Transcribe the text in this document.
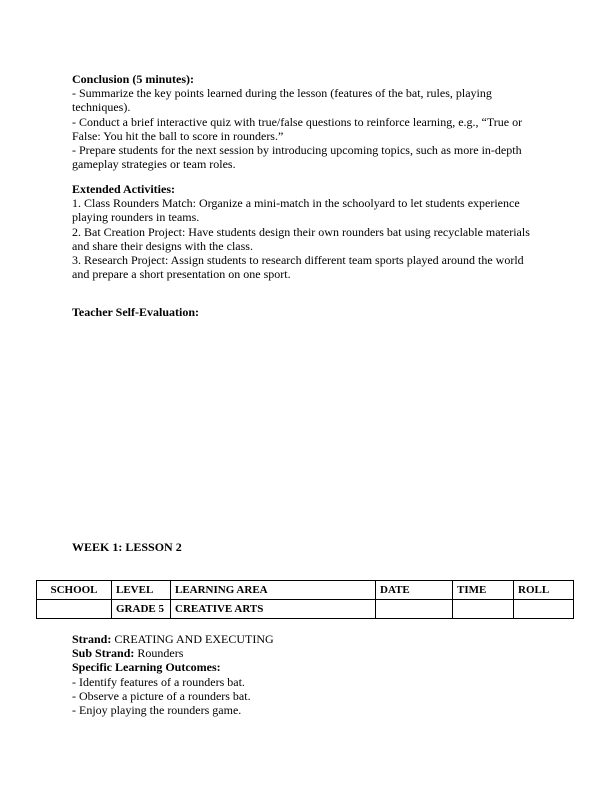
Conclusion (5 minutes):
- Summarize the key points learned during the lesson (features of the bat, rules, playing
techniques).
- Conduct a brief interactive quiz with true/false questions to reinforce learning, e.g., “True or
False: You hit the ball to score in rounders.”
- Prepare students for the next session by introducing upcoming topics, such as more in-depth
gameplay strategies or team roles.
Extended Activities:
1. Class Rounders Match: Organize a mini-match in the schoolyard to let students experience
playing rounders in teams.
2. Bat Creation Project: Have students design their own rounders bat using recyclable materials
and share their designs with the class.
3. Research Project: Assign students to research different team sports played around the world
and prepare a short presentation on one sport.
Teacher Self-Evaluation:
WEEK 1: LESSON 2
SCHOOL	LEVEL	LEARNING AREA	DATE	TIME	ROLL
	GRADE 5	CREATIVE ARTS			
Strand: CREATING AND EXECUTING
Sub Strand: Rounders
Specific Learning Outcomes:
- Identify features of a rounders bat.
- Observe a picture of a rounders bat.
- Enjoy playing the rounders game.
